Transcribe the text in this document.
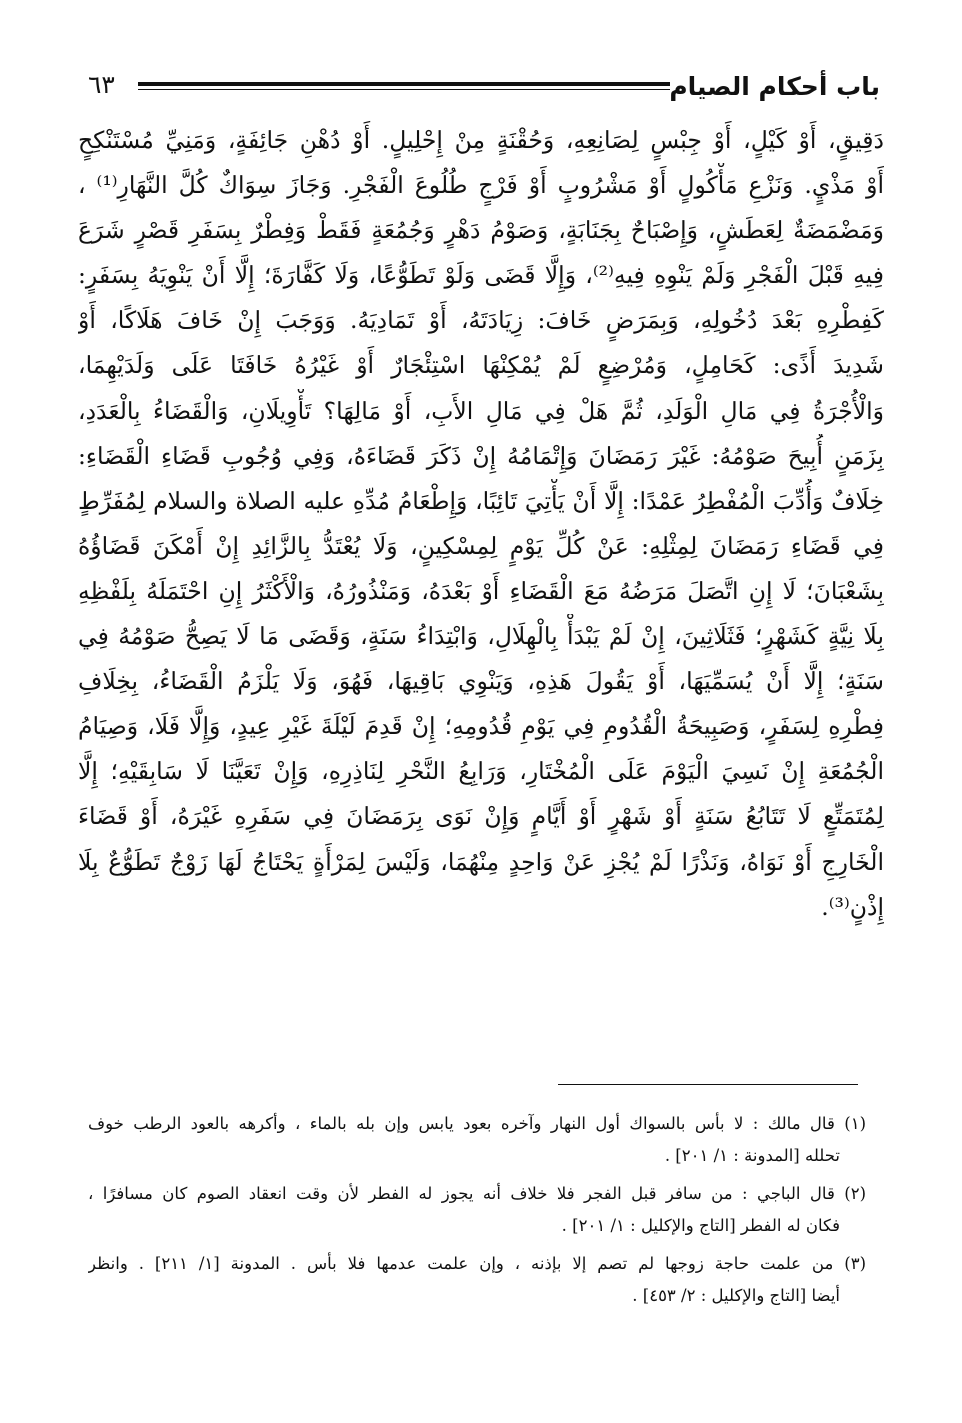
باب أحكام الصيام
٦٣
دَقِيقٍ، أَوْ كَيْلٍ، أَوْ جِبْسٍ لِصَانِعِهِ، وَحُقْنَةٍ مِنْ إِحْلِيلٍ. أَوْ دُهْنِ جَائِفَةٍ، وَمَنِيِّ مُسْتَنْكِحٍ
أَوْ مَذْيٍ. وَنَزْعِ مَأْكُولٍ أَوْ مَشْرُوبٍ أَوْ فَرْجٍ طُلُوعَ الْفَجْرِ. وَجَازَ سِوَاكٌ كُلَّ النَّهَارِ⁽¹⁾ ،
وَمَضْمَضَةٌ لِعَطَشٍ، وَإِصْبَاحٌ بِجَنَابَةٍ، وَصَوْمُ دَهْرٍ وَجُمُعَةٍ فَقَطْ وَفِطْرٌ بِسَفَرِ قَصْرٍ شَرَعَ
فِيهِ قَبْلَ الْفَجْرِ وَلَمْ يَنْوِهِ فِيهِ⁽²⁾، وَإِلَّا قَضَى وَلَوْ تَطَوُّعًا، وَلَا كَفَّارَةَ؛ إِلَّا أَنْ يَنْوِيَهُ بِسَفَرٍ:
كَفِطْرِهِ بَعْدَ دُخُولِهِ، وَبِمَرَضٍ خَافَ: زِيَادَتَهُ، أَوْ تَمَادِيَهُ. وَوَجَبَ إِنْ خَافَ هَلَاكًا، أَوْ
شَدِيدَ أَذًى: كَحَامِلٍ، وَمُرْضِعٍ لَمْ يُمْكِنْهَا اسْتِئْجَارٌ أَوْ غَيْرُهُ خَافَتَا عَلَى وَلَدَيْهِمَا،
وَالْأُجْرَةُ فِي مَالِ الْوَلَدِ، ثُمَّ هَلْ فِي مَالِ الأَبِ، أَوْ مَالِهَا؟ تَأْوِيلَانِ، وَالْقَضَاءُ بِالْعَدَدِ،
بِزَمَنٍ أُبِيحَ صَوْمُهُ: غَيْرَ رَمَضَانَ وَإِتْمَامُهُ إِنْ ذَكَرَ قَضَاءَهُ، وَفِي وُجُوبِ قَضَاءِ الْقَضَاءِ:
خِلَافٌ وَأُدِّبَ الْمُفْطِرُ عَمْدًا: إِلَّا أَنْ يَأْتِيَ تَائِبًا، وَإِطْعَامُ مُدِّهِ عليه الصلاة والسلام لِمُفَرِّطٍ
فِي قَضَاءِ رَمَضَانَ لِمِثْلِهِ: عَنْ كُلِّ يَوْمٍ لِمِسْكِينٍ، وَلَا يُعْتَدُّ بِالزَّائِدِ إِنْ أَمْكَنَ قَضَاؤُهُ
بِشَعْبَانَ؛ لَا إِنِ اتَّصَلَ مَرَضُهُ مَعَ الْقَضَاءِ أَوْ بَعْدَهُ، وَمَنْذُورُهُ، وَالْأَكْثَرُ إِنِ احْتَمَلَهُ بِلَفْظِهِ
بِلَا نِيَّةٍ كَشَهْرٍ؛ فَثَلَاثِينَ، إِنْ لَمْ يَبْدَأْ بِالْهِلَالِ، وَابْتِدَاءُ سَنَةٍ، وَقَضَى مَا لَا يَصِحُّ صَوْمُهُ فِي
سَنَةٍ؛ إِلَّا أَنْ يُسَمِّيَهَا، أَوْ يَقُولَ هَذِهِ، وَيَنْوِي بَاقِيهَا، فَهُوَ، وَلَا يَلْزَمُ الْقَضَاءُ، بِخِلَافِ
فِطْرِهِ لِسَفَرٍ، وَصَبِيحَةُ الْقُدُومِ فِي يَوْمِ قُدُومِهِ؛ إِنْ قَدِمَ لَيْلَةَ غَيْرِ عِيدٍ، وَإِلَّا فَلَا، وَصِيَامُ
الْجُمُعَةِ إِنْ نَسِيَ الْيَوْمَ عَلَى الْمُخْتَارِ، وَرَابِعُ النَّحْرِ لِنَاذِرِهِ، وَإِنْ تَعَيَّنَا لَا سَابِقَيْهِ؛ إِلَّا
لِمُتَمَتِّعٍ لَا تَتَابُعُ سَنَةٍ أَوْ شَهْرٍ أَوْ أَيَّامٍ وَإِنْ نَوَى بِرَمَضَانَ فِي سَفَرِهِ غَيْرَهُ، أَوْ قَضَاءَ
الْخَارِجِ أَوْ نَوَاهُ، وَنَذْرًا لَمْ يُجْزِ عَنْ وَاحِدٍ مِنْهُمَا، وَلَيْسَ لِمَرْأَةٍ يَحْتَاجُ لَهَا زَوْجٌ تَطَوُّعٌ بِلَا
إِذْنٍ⁽³⁾.
(١) قال مالك : لا بأس بالسواك أول النهار وآخره بعود يابس وإن بله بالماء ، وأكرهه بالعود الرطب خوف
تحلله [المدونة : ١/ ٢٠١] .
(٢) قال الباجي : من سافر قبل الفجر فلا خلاف أنه يجوز له الفطر لأن وقت انعقاد الصوم كان مسافرًا ،
فكان له الفطر [التاج والإكليل : ١/ ٢٠١] .
(٣) من علمت حاجة زوجها لم تصم إلا بإذنه ، وإن علمت عدمها فلا بأس . المدونة [١/ ٢١١] . وانظر
أيضا [التاج والإكليل : ٢/ ٤٥٣] .
